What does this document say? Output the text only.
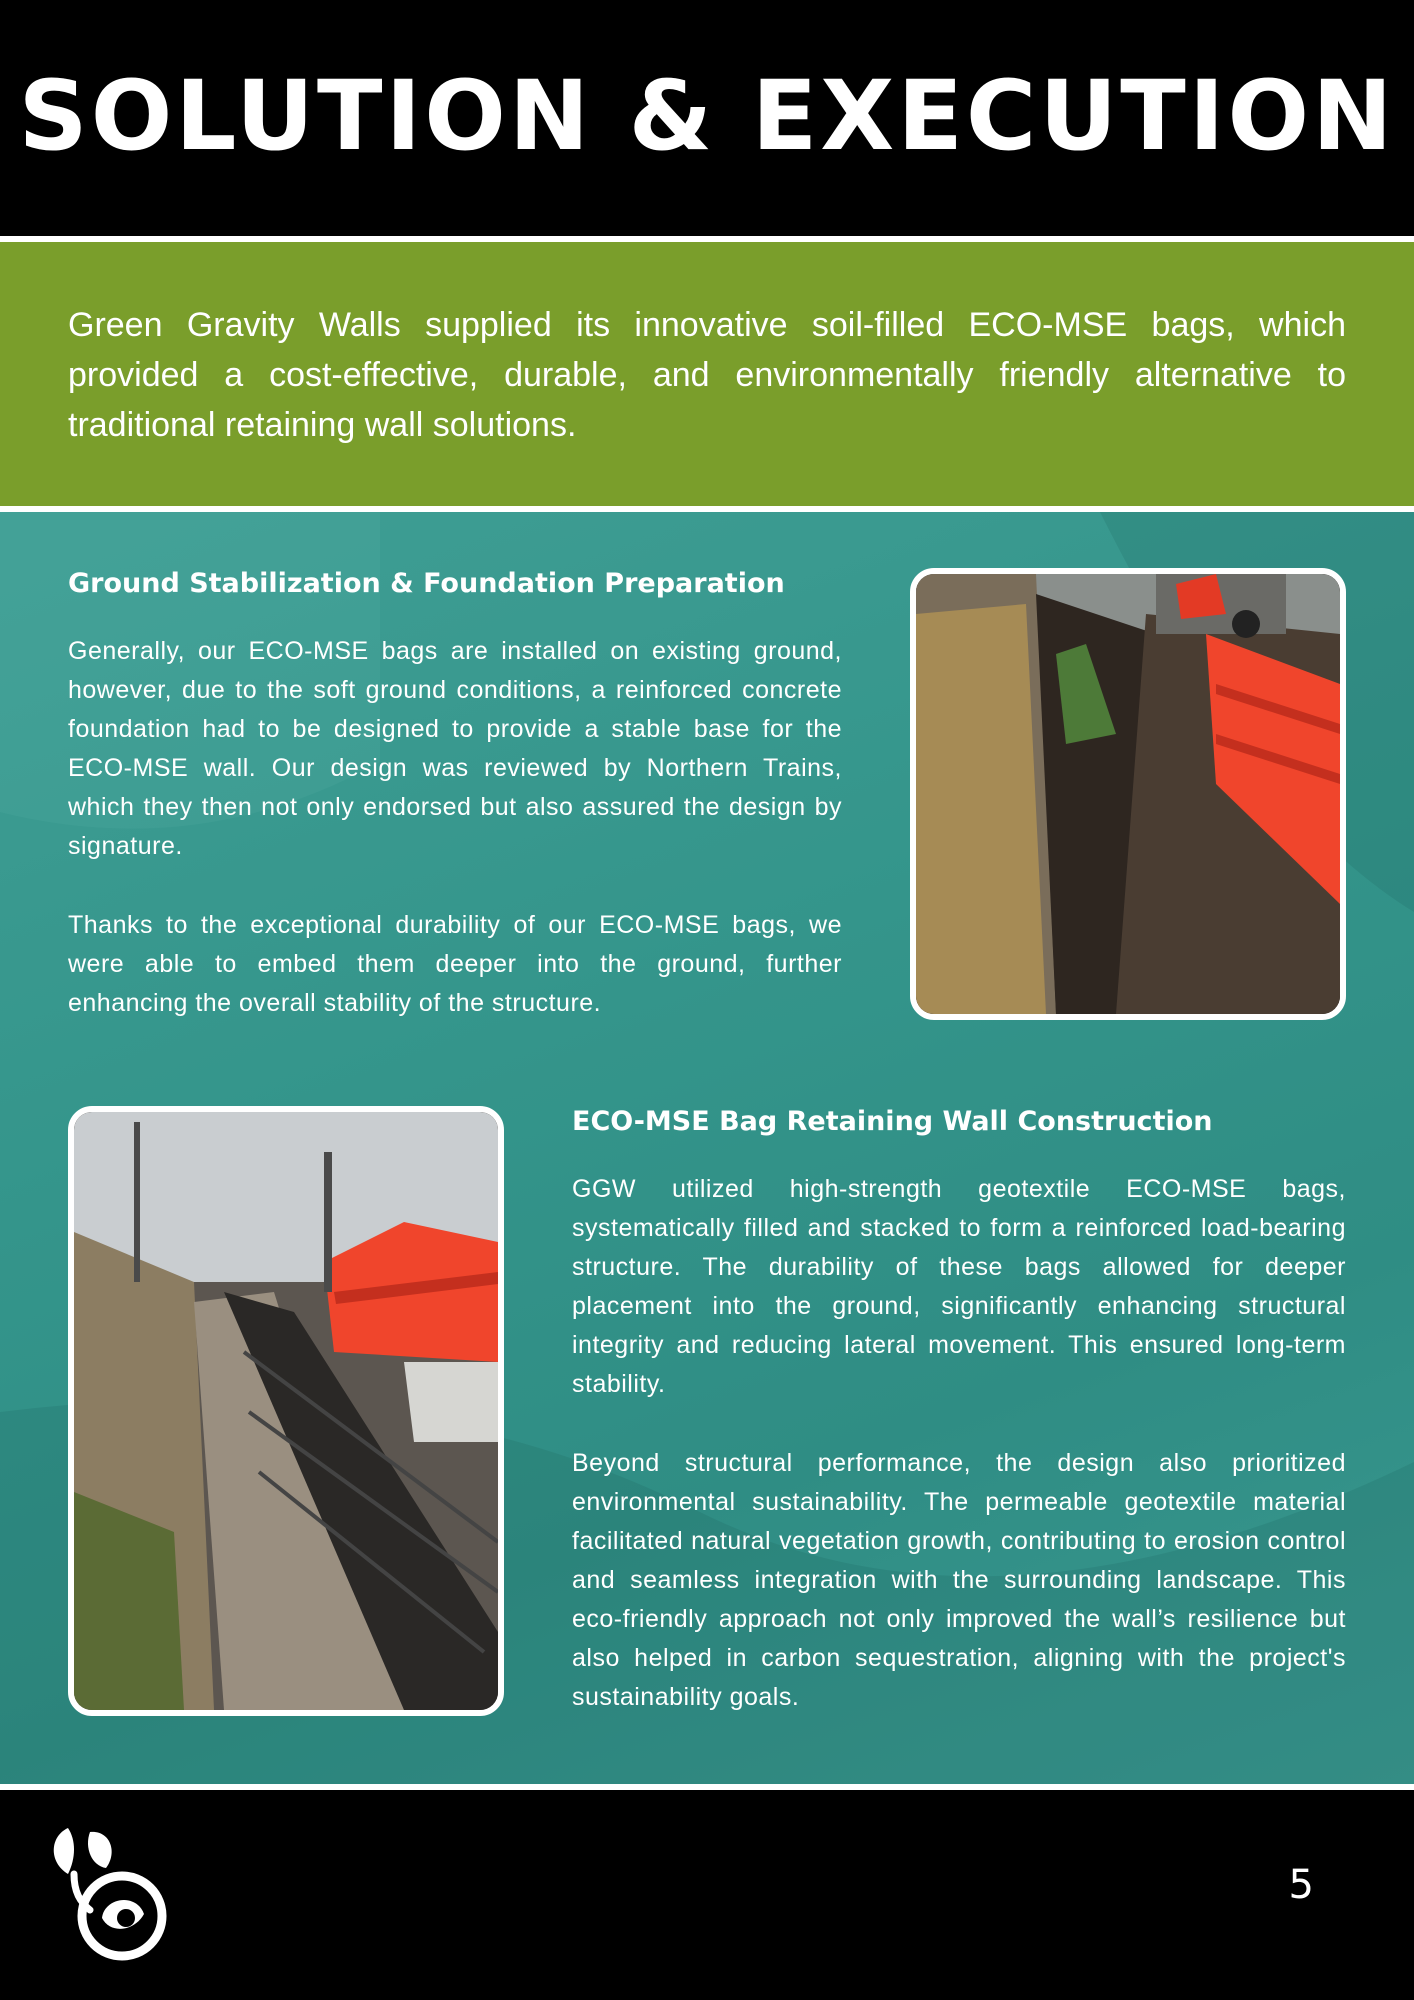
SOLUTION & EXECUTION
Green Gravity Walls supplied its innovative soil-filled ECO-MSE bags, which provided a cost-effective, durable, and environmentally friendly alternative to traditional retaining wall solutions.
Ground Stabilization & Foundation Preparation
Generally, our ECO-MSE bags are installed on existing ground, however, due to the soft ground conditions, a reinforced concrete foundation had to be designed to provide a stable base for the ECO-MSE wall. Our design was reviewed by Northern Trains, which they then not only endorsed but also assured the design by signature.
Thanks to the exceptional durability of our ECO-MSE bags, we were able to embed them deeper into the ground, further enhancing the overall stability of the structure.
ECO-MSE Bag Retaining Wall Construction
GGW utilized high-strength geotextile ECO-MSE bags, systematically filled and stacked to form a reinforced load-bearing structure. The durability of these bags allowed for deeper placement into the ground, significantly enhancing structural integrity and reducing lateral movement. This ensured long-term stability.
Beyond structural performance, the design also prioritized environmental sustainability. The permeable geotextile material facilitated natural vegetation growth, contributing to erosion control and seamless integration with the surrounding landscape. This eco-friendly approach not only improved the wall’s resilience but also helped in carbon sequestration, aligning with the project's sustainability goals.
5
